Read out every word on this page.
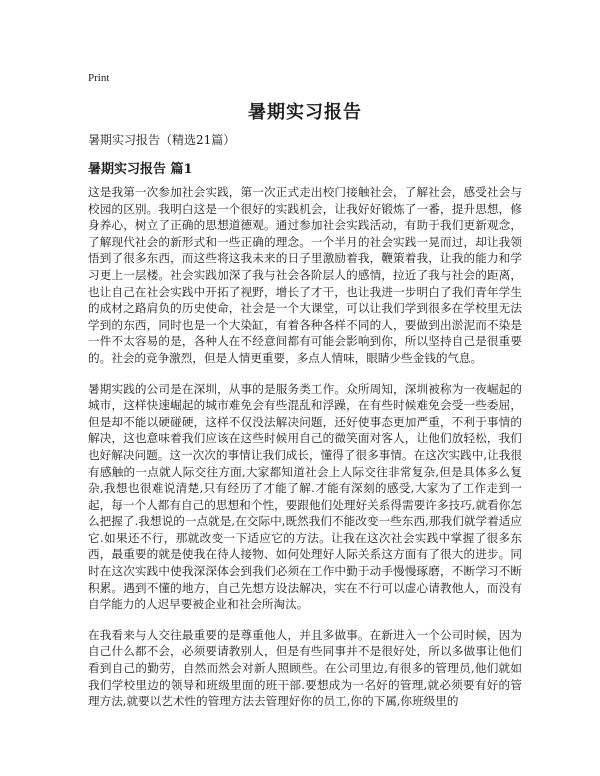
Print
暑期实习报告

暑期实习报告（精选21篇）

暑期实习报告 篇1

这是我第一次参加社会实践，第一次正式走出校门接触社会，了解社会，感受社会与校园的区别。我明白这是一个很好的实践机会，让我好好锻炼了一番，提升思想，修身养心，树立了正确的思想道德观。通过参加社会实践活动，有助于我们更新观念，了解现代社会的新形式和一些正确的理念。一个半月的社会实践一晃而过，却让我领悟到了很多东西，而这些将这我未来的日子里激励着我，鞭策着我，让我的能力和学习更上一层楼。社会实践加深了我与社会各阶层人的感情，拉近了我与社会的距离，也让自己在社会实践中开拓了视野，增长了才干，也让我进一步明白了我们青年学生的成材之路肩负的历史使命，社会是一个大课堂，可以让我们学到很多在学校里无法学到的东西，同时也是一个大染缸，有着各种各样不同的人，要做到出淤泥而不染是一件不太容易的是，各种人在不经意间都有可能会影响到你，所以坚持自己是很重要的。社会的竞争激烈，但是人情更重要，多点人情味，眼睛少些金钱的气息。

暑期实践的公司是在深圳，从事的是服务类工作。众所周知，深圳被称为一夜崛起的城市，这样快速崛起的城市难免会有些混乱和浮躁，在有些时候难免会受一些委屈，但是却不能以硬碰硬，这样不仅没法解决问题，还好使事态更加严重，不利于事情的解决，这也意味着我们应该在这些时候用自己的微笑面对客人，让他们放轻松，我们也好解决问题。这一次次的事情让我们成长，懂得了很多事情。在这次实践中,让我很有感触的一点就人际交往方面,大家都知道社会上人际交往非常复杂,但是具体多么复杂,我想也很难说清楚,只有经历了才能了解.才能有深刻的感受,大家为了工作走到一起，每一个人都有自己的思想和个性，要跟他们处理好关系得需要许多技巧,就看你怎么把握了.我想说的一点就是,在交际中,既然我们不能改变一些东西,那我们就学着适应它.如果还不行，那就改变一下适应它的方法。让我在这次社会实践中掌握了很多东西，最重要的就是使我在待人接物、如何处理好人际关系这方面有了很大的进步。同时在这次实践中使我深深体会到我们必须在工作中勤于动手慢慢琢磨，不断学习不断积累。遇到不懂的地方，自己先想方设法解决，实在不行可以虚心请教他人，而没有自学能力的人迟早要被企业和社会所淘汰。

在我看来与人交往最重要的是尊重他人，并且多做事。在新进入一个公司时候，因为自己什么都不会，必须要请教别人，但是有些同事并不是很好处，所以多做事让他们看到自己的勤劳，自然而然会对新人照顾些。在公司里边,有很多的管理员,他们就如我们学校里边的领导和班级里面的班干部.要想成为一名好的管理,就必须要有好的管理方法,就要以艺术性的管理方法去管理好你的员工,你的下属,你班级里的
